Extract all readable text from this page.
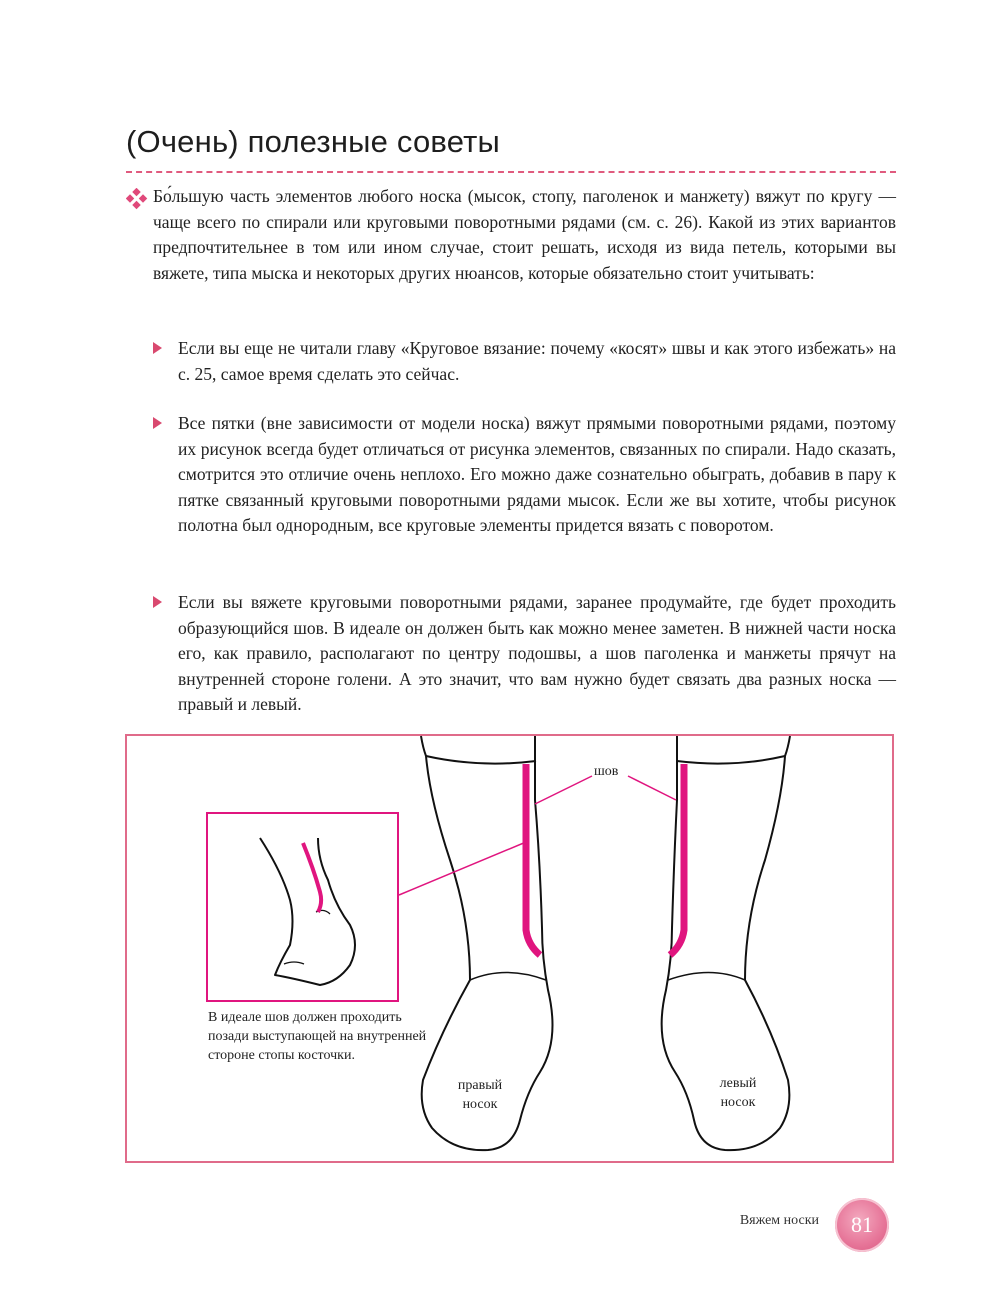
(Очень) полезные советы
Бо́льшую часть элементов любого носка (мысок, стопу, паголенок и манжету) вяжут по кругу — чаще всего по спирали или круговыми поворотными рядами (см. с. 26). Какой из этих вариантов предпочтительнее в том или ином случае, стоит решать, исходя из вида петель, которыми вы вяжете, типа мыска и некоторых других нюансов, которые обязательно стоит учитывать:
Если вы еще не читали главу «Круговое вязание: почему «косят» швы и как этого избежать» на с. 25, самое время сделать это сейчас.
Все пятки (вне зависимости от модели носка) вяжут прямыми поворотными рядами, поэтому их рисунок всегда будет отличаться от рисунка элементов, связанных по спирали. Надо сказать, смотрится это отличие очень неплохо. Его можно даже сознательно обыграть, добавив в пару к пятке связанный круговыми поворотными рядами мысок. Если же вы хотите, чтобы рисунок полотна был однородным, все круговые элементы придется вязать с поворотом.
Если вы вяжете круговыми поворотными рядами, заранее продумайте, где будет проходить образующийся шов. В идеале он должен быть как можно менее заметен. В нижней части носка его, как правило, располагают по центру подошвы, а шов паголенка и манжеты прячут на внутренней стороне голени. А это значит, что вам нужно будет связать два разных носка — правый и левый.
шов
В идеале шов должен проходить позади выступающей на внутренней стороне стопы косточки.
правый носок
левый носок
Вяжем носки 81
